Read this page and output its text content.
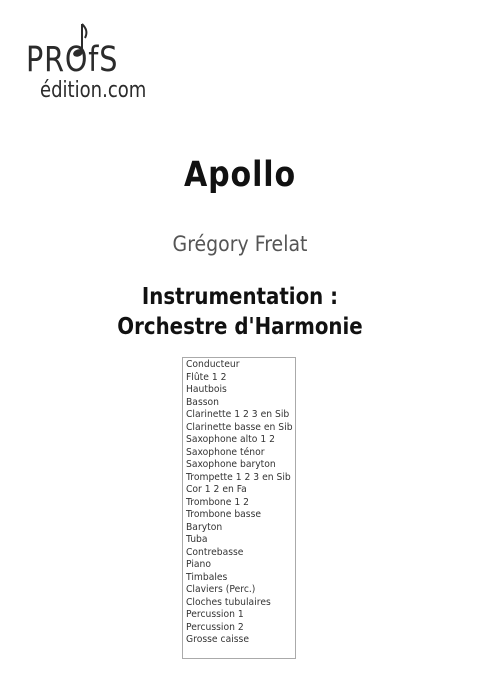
PROfS
édition.com
Apollo
Grégory Frelat
Instrumentation :
Orchestre d'Harmonie
Conducteur
Flûte 1 2
Hautbois
Basson
Clarinette 1 2 3 en Sib
Clarinette basse en Sib
Saxophone alto 1 2
Saxophone ténor
Saxophone baryton
Trompette 1 2 3 en Sib
Cor 1 2 en Fa
Trombone 1 2
Trombone basse
Baryton
Tuba
Contrebasse
Piano
Timbales
Claviers (Perc.)
Cloches tubulaires
Percussion 1
Percussion 2
Grosse caisse
